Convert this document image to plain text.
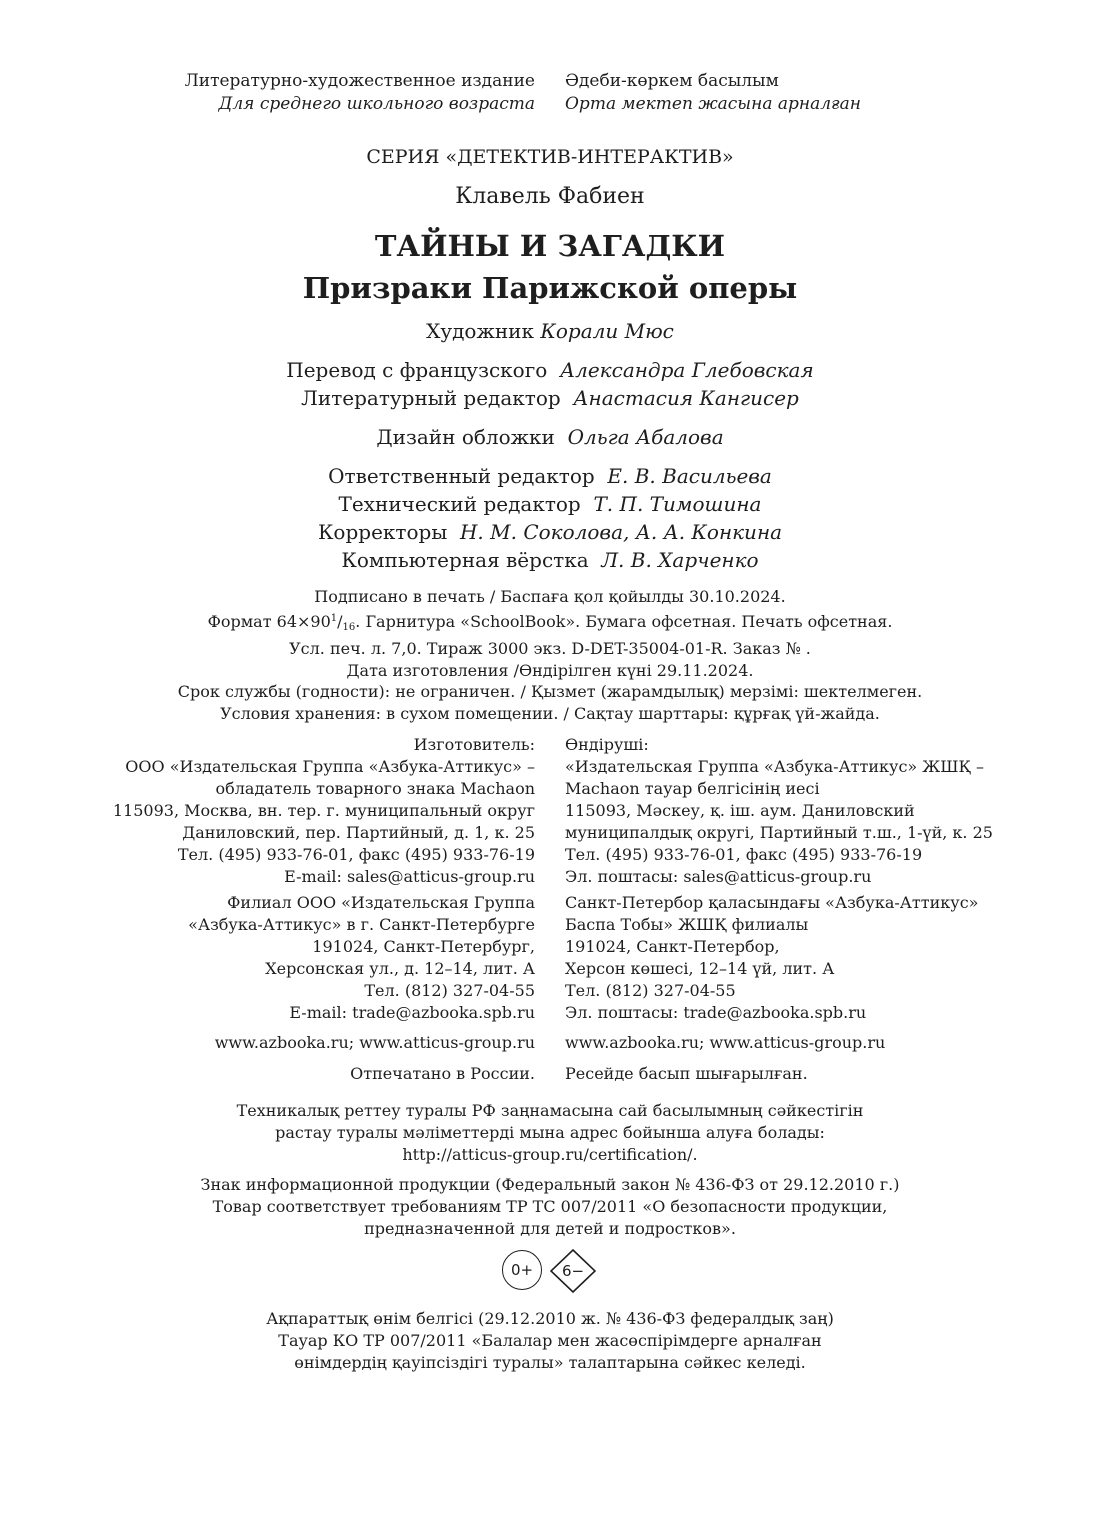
Литературно-художественное издание
Для среднего школьного возраста
Әдеби-көркем басылым
Орта мектеп жасына арналған
СЕРИЯ «ДЕТЕКТИВ-ИНТЕРАКТИВ»
Клавель Фабиен
ТАЙНЫ И ЗАГАДКИ
Призраки Парижской оперы
Художник Корали Мюс
Перевод с французского Александра Глебовская
Литературный редактор Анастасия Кангисер
Дизайн обложки Ольга Абалова
Ответственный редактор Е. В. Васильева
Технический редактор Т. П. Тимошина
Корректоры Н. М. Соколова, А. А. Конкина
Компьютерная вёрстка Л. В. Харченко
Подписано в печать / Баспаға қол қойылды 30.10.2024.
Формат $64\times 90^1/_{16}$. Гарнитура «SchoolBook». Бумага офсетная. Печать офсетная.
Усл. печ. л. 7,0. Тираж 3000 экз. D-DET-35004-01-R. Заказ № .
Дата изготовления /Өндірілген күні 29.11.2024.
Срок службы (годности): не ограничен. / Қызмет (жарамдылық) мерзімі: шектелмеген.
Условия хранения: в сухом помещении. / Сақтау шарттары: құрғақ үй-жайда.
Изготовитель:
ООО «Издательская Группа «Азбука-Аттикус» –
обладатель товарного знака Machaon
115093, Москва, вн. тер. г. муниципальный округ
Даниловский, пер. Партийный, д. 1, к. 25
Тел. (495) 933-76-01, факс (495) 933-76-19
E-mail: sales@atticus-group.ru
Өндіруші:
«Издательская Группа «Азбука-Аттикус» ЖШҚ –
Machaon тауар белгісінің иесі
115093, Мәскеу, қ. іш. аум. Даниловский
муниципалдық округі, Партийный т.ш., 1-үй, к. 25
Тел. (495) 933-76-01, факс (495) 933-76-19
Эл. поштасы: sales@atticus-group.ru
Филиал ООО «Издательская Группа
«Азбука-Аттикус» в г. Санкт-Петербурге
191024, Санкт-Петербург,
Херсонская ул., д. 12–14, лит. А
Тел. (812) 327-04-55
E-mail: trade@azbooka.spb.ru
Санкт-Петербор қаласындағы «Азбука-Аттикус»
Баспа Тобы» ЖШҚ филиалы
191024, Санкт-Петербор,
Херсон көшесі, 12–14 үй, лит. А
Тел. (812) 327-04-55
Эл. поштасы: trade@azbooka.spb.ru
www.azbooka.ru; www.atticus-group.ru www.azbooka.ru; www.atticus-group.ru
Отпечатано в России. Ресейде басып шығарылған.
Техникалық реттеу туралы РФ заңнамасына сай басылымның сәйкестігін
растау туралы мәліметтерді мына адрес бойынша алуға болады:
http://atticus-group.ru/certification/.
Знак информационной продукции (Федеральный закон № 436-ФЗ от 29.12.2010 г.)
Товар соответствует требованиям ТР ТС 007/2011 «О безопасности продукции,
предназначенной для детей и подростков».
0+	6−
Ақпараттық өнім белгісі (29.12.2010 ж. № 436-ФЗ федералдық заң)
Тауар КО ТР 007/2011 «Балалар мен жасөспірімдерге арналған
өнімдердің қауіпсіздігі туралы» талаптарына сәйкес келеді.
